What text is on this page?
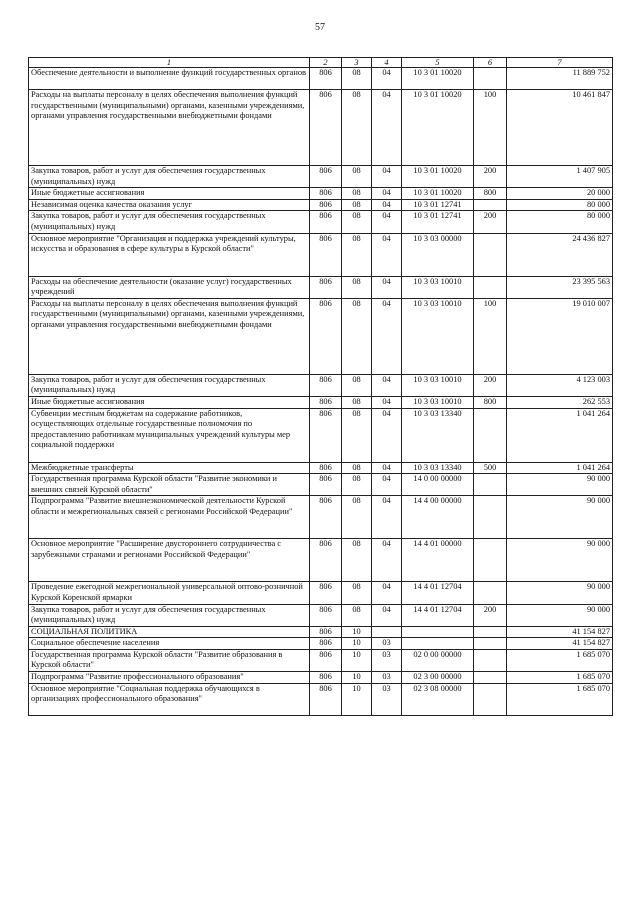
57
1	2	3	4	5	6	7
Обеспечение деятельности и выполнение функций государственных органов	806	08	04	10 3 01 10020		11 889 752
Расходы на выплаты персоналу в целях обеспечения выполнения функций государственными (муниципальными) органами, казенными учреждениями, органами управления государственными внебюджетными фондами	806	08	04	10 3 01 10020	100	10 461 847
Закупка товаров, работ и услуг для обеспечения государственных (муниципальных) нужд	806	08	04	10 3 01 10020	200	1 407 905
Иные бюджетные ассигнования	806	08	04	10 3 01 10020	800	20 000
Независимая оценка качества оказания услуг	806	08	04	10 3 01 12741		80 000
Закупка товаров, работ и услуг для обеспечения государственных (муниципальных) нужд	806	08	04	10 3 01 12741	200	80 000
Основное мероприятие "Организация и поддержка учреждений культуры, искусства и образования в сфере культуры в Курской области"	806	08	04	10 3 03 00000		24 436 827
Расходы на обеспечение деятельности (оказание услуг) государственных учреждений	806	08	04	10 3 03 10010		23 395 563
Расходы на выплаты персоналу в целях обеспечения выполнения функций государственными (муниципальными) органами, казенными учреждениями, органами управления государственными внебюджетными фондами	806	08	04	10 3 03 10010	100	19 010 007
Закупка товаров, работ и услуг для обеспечения государственных (муниципальных) нужд	806	08	04	10 3 03 10010	200	4 123 003
Иные бюджетные ассигнования	806	08	04	10 3 03 10010	800	262 553
Субвенции местным бюджетам на содержание работников, осуществляющих отдельные государственные полномочия по предоставлению работникам муниципальных учреждений культуры мер социальной поддержки	806	08	04	10 3 03 13340		1 041 264
Межбюджетные трансферты	806	08	04	10 3 03 13340	500	1 041 264
Государственная программа Курской области "Развитие экономики и внешних связей Курской области"	806	08	04	14 0 00 00000		90 000
Подпрограмма "Развитие внешнеэкономической деятельности Курской области и межрегиональных связей с регионами Российской Федерации"	806	08	04	14 4 00 00000		90 000
Основное мероприятие "Расширение двустороннего сотрудничества с зарубежными странами и регионами Российской Федерации"	806	08	04	14 4 01 00000		90 000
Проведение ежегодной межрегиональной универсальной оптово-розничной Курской Коренской ярмарки	806	08	04	14 4 01 12704		90 000
Закупка товаров, работ и услуг для обеспечения государственных (муниципальных) нужд	806	08	04	14 4 01 12704	200	90 000
СОЦИАЛЬНАЯ ПОЛИТИКА	806	10				41 154 827
Социальное обеспечение населения	806	10	03			41 154 827
Государственная программа Курской области "Развитие образования в Курской области"	806	10	03	02 0 00 00000		1 685 070
Подпрограмма "Развитие профессионального образования"	806	10	03	02 3 00 00000		1 685 070
Основное мероприятие "Социальная поддержка обучающихся в организациях профессионального образования"	806	10	03	02 3 08 00000		1 685 070
